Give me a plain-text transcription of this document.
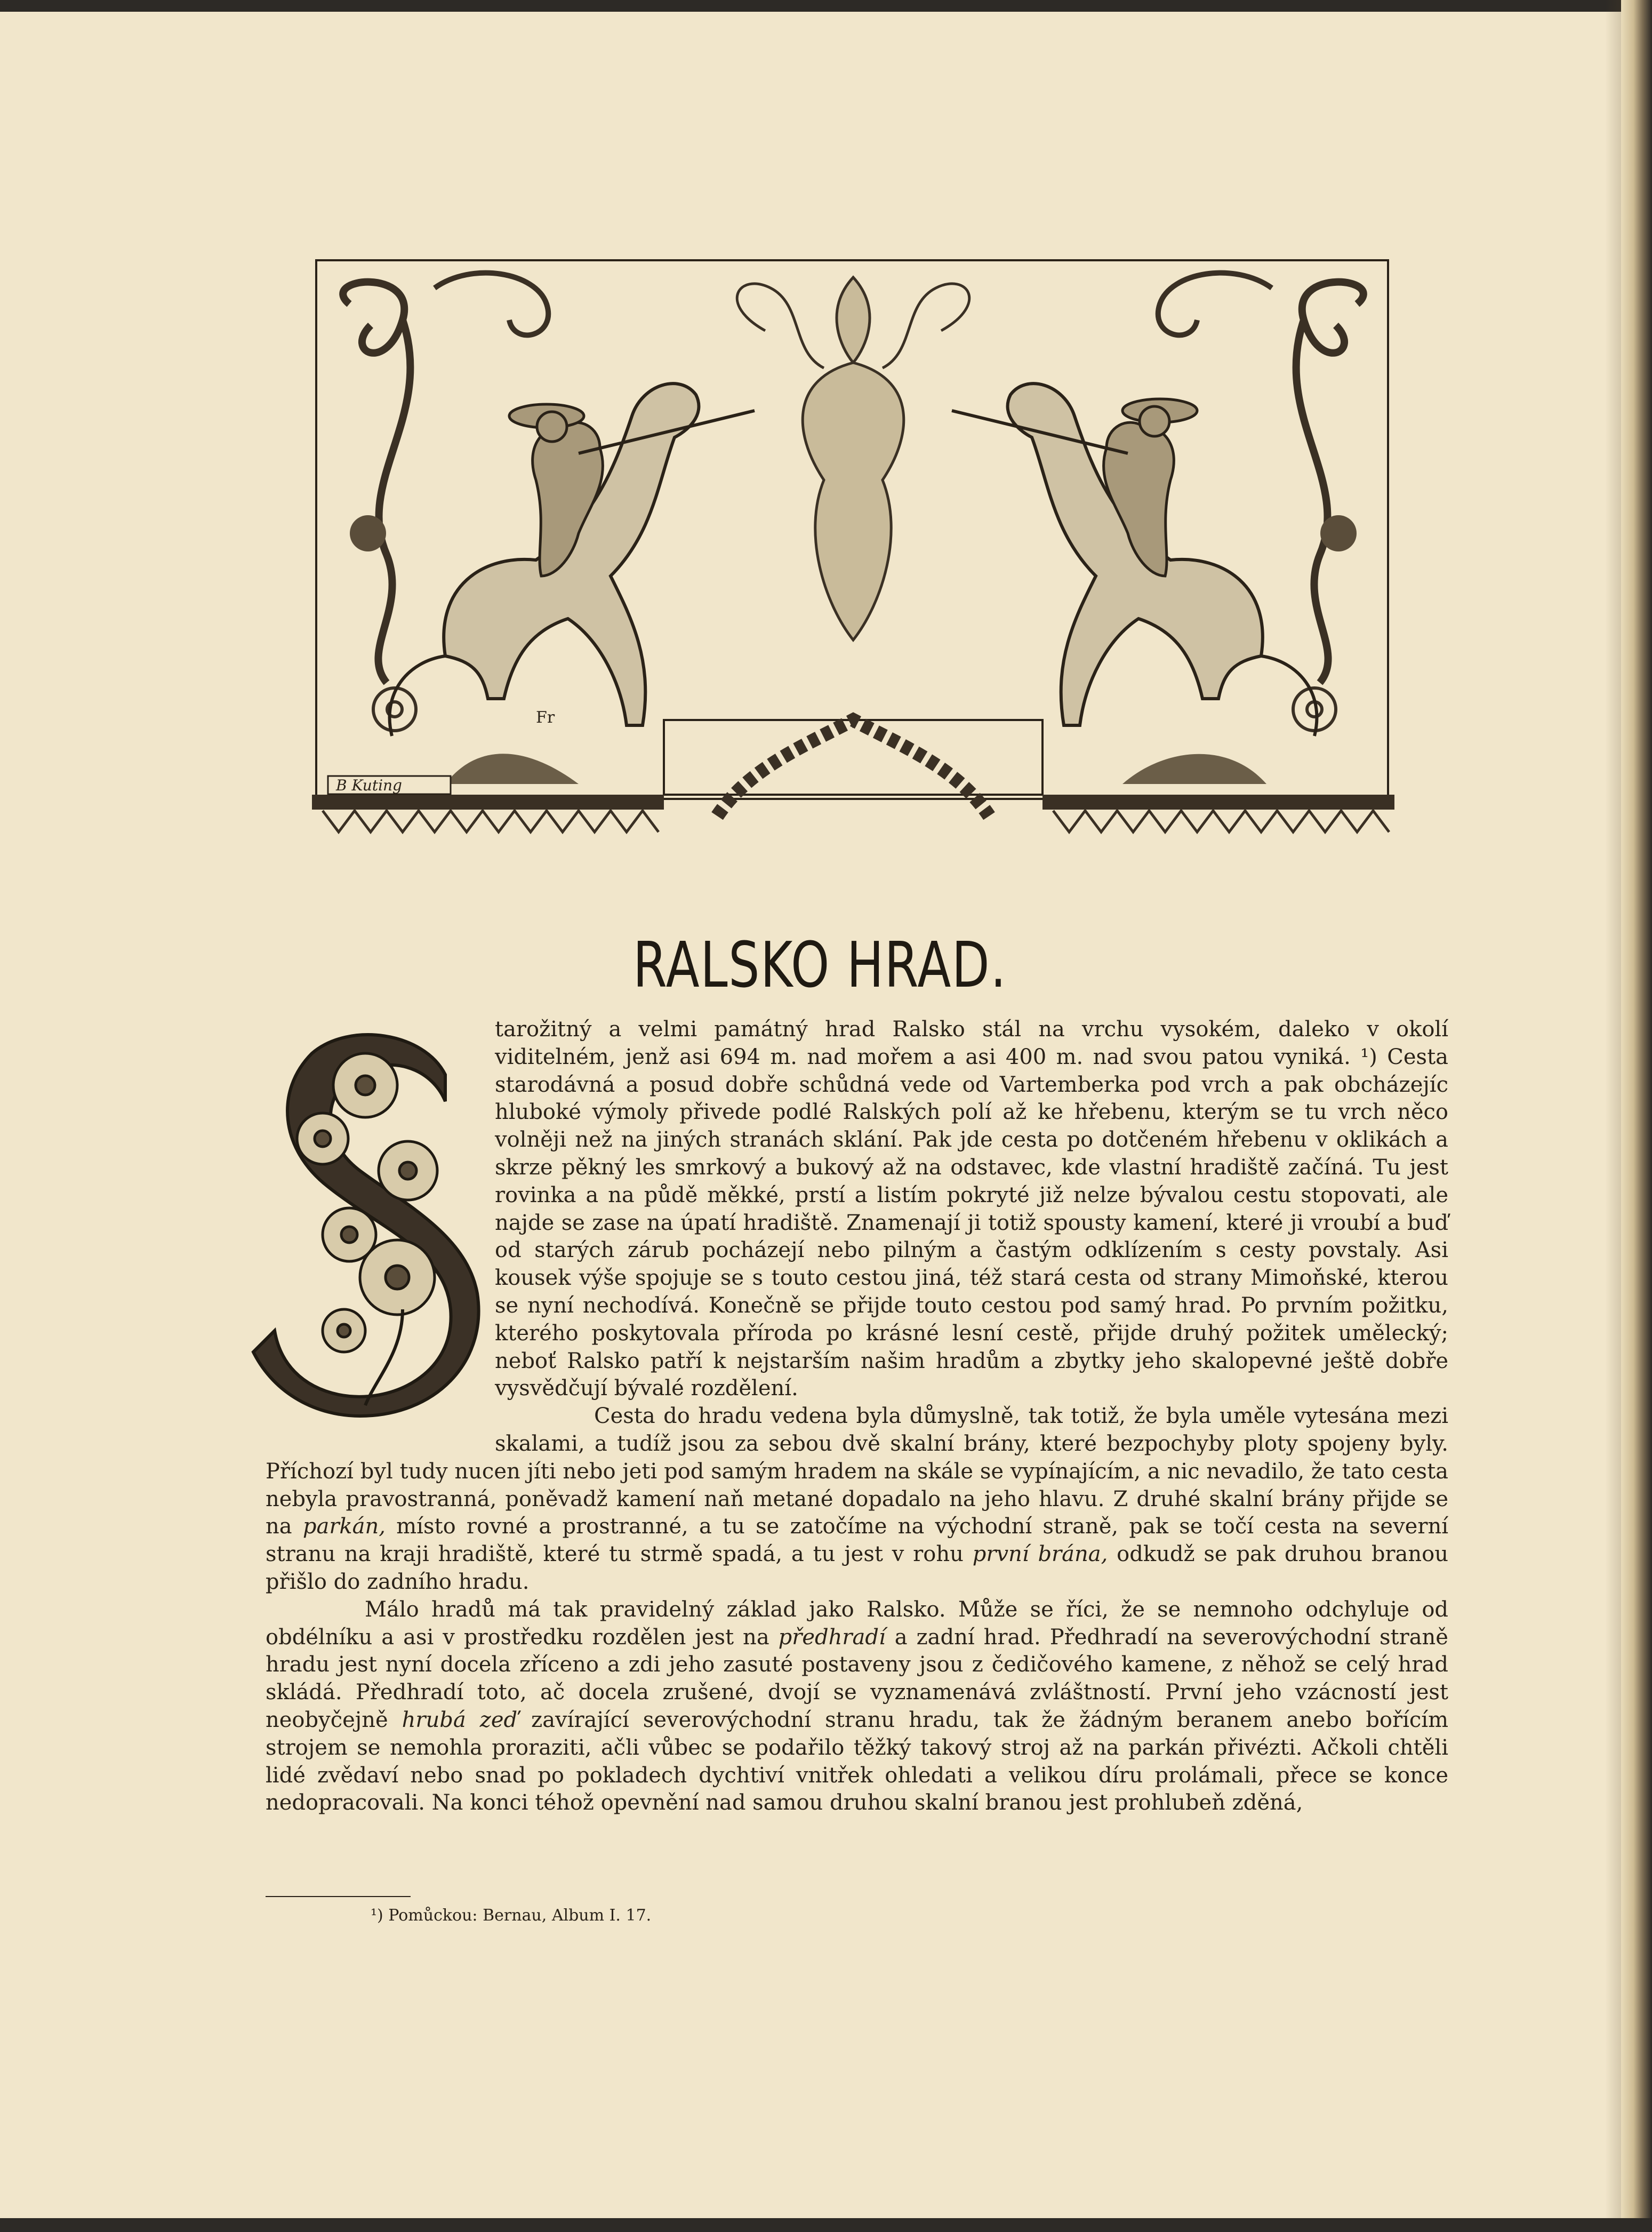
B Kuting
Fr
RALSKO HRAD.
S

tarožitný a velmi památný hrad Ralsko stál na vrchu vysokém, daleko v okolí viditelném, jenž asi 694 m. nad mořem a asi 400 m. nad svou patou vyniká. ¹) Cesta starodávná a posud dobře schůdná vede od Vartemberka pod vrch a pak obcházejíc hluboké výmoly přivede podlé Ralských polí až ke hřebenu, kterým se tu vrch něco volněji než na jiných stranách sklání. Pak jde cesta po dotčeném hřebenu v oklikách a skrze pěkný les smrkový a bukový až na odstavec, kde vlastní hradiště začíná. Tu jest rovinka a na půdě měkké, prstí a listím pokryté již nelze bývalou cestu stopovati, ale najde se zase na úpatí hradiště. Znamenají ji totiž spousty kamení, které ji vroubí a buď od starých zárub pocházejí nebo pilným a častým odklízením s cesty povstaly. Asi kousek výše spojuje se s touto cestou jiná, též stará cesta od strany Mimoňské, kterou se nyní nechodívá. Konečně se přijde touto cestou pod samý hrad. Po prvním požitku, kterého poskytovala příroda po krásné lesní cestě, přijde druhý požitek umělecký; neboť Ralsko patří k nejstarším našim hradům a zbytky jeho skalopevné ještě dobře vysvědčují bývalé rozdělení.

Cesta do hradu vedena byla důmyslně, tak totiž, že byla uměle vytesána mezi skalami, a tudíž jsou za sebou dvě skalní brány, které bezpochyby ploty spojeny byly. Příchozí byl tudy nucen jíti nebo jeti pod samým hradem na skále se vypínajícím, a nic nevadilo, že tato cesta nebyla pravostranná, poněvadž kamení naň metané dopadalo na jeho hlavu. Z druhé skalní brány přijde se na parkán, místo rovné a prostranné, a tu se zatočíme na východní straně, pak se točí cesta na severní stranu na kraji hradiště, které tu strmě spadá, a tu jest v rohu první brána, odkudž se pak druhou branou přišlo do zadního hradu.

Málo hradů má tak pravidelný základ jako Ralsko. Může se říci, že se nemnoho odchyluje od obdélníku a asi v prostředku rozdělen jest na předhradí a zadní hrad. Předhradí na severovýchodní straně hradu jest nyní docela zříceno a zdi jeho zasuté postaveny jsou z čedičového kamene, z něhož se celý hrad skládá. Předhradí toto, ač docela zrušené, dvojí se vyznamenává zvláštností. První jeho vzácností jest neobyčejně hrubá zeď zavírající severovýchodní stranu hradu, tak že žádným beranem anebo bořícím strojem se nemohla proraziti, ačli vůbec se podařilo těžký takový stroj až na parkán přivézti. Ačkoli chtěli lidé zvědaví nebo snad po pokladech dychtiví vnitřek ohledati a velikou díru prolámali, přece se konce nedopracovali. Na konci téhož opevnění nad samou druhou skalní branou jest prohlubeň zděná,

¹) Pomůckou: Bernau, Album I. 17.
